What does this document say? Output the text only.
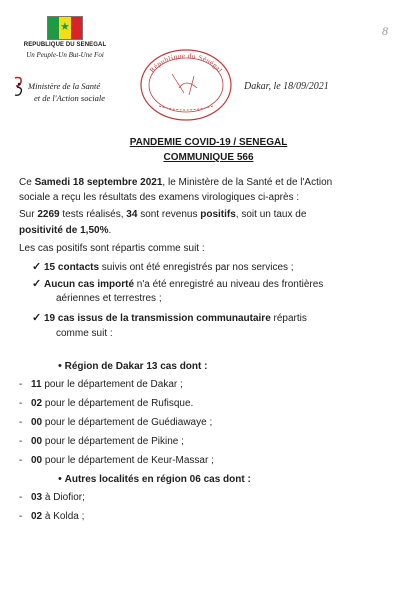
★
REPUBLIQUE DU SENEGAL
Un Peuple-Un But-Une Foi
Ministère de la Santé
et de l'Action sociale
République du Sénégal
Dakar, le 18/09/2021
8
PANDEMIE COVID-19 / SENEGAL
COMMUNIQUE 566
Ce Samedi 18 septembre 2021, le Ministère de la Santé et de l'Action
sociale a reçu les résultats des examens virologiques ci-après :
Sur 2269 tests réalisés, 34 sont revenus positifs, soit un taux de
positivité de 1,50%.
Les cas positifs sont répartis comme suit :
✓ 15 contacts suivis ont été enregistrés par nos services ;
✓ Aucun cas importé n'a été enregistré au niveau des frontières
aériennes et terrestres ;
✓ 19 cas issus de la transmission communautaire répartis
comme suit :
• Région de Dakar 13 cas dont :
- 11 pour le département de Dakar ;
- 02 pour le département de Rufisque.
- 00 pour le département de Guédiawaye ;
- 00 pour le département de Pikine ;
- 00 pour le département de Keur-Massar ;
• Autres localités en région 06 cas dont :
- 03 à Diofior;
- 02 à Kolda ;
